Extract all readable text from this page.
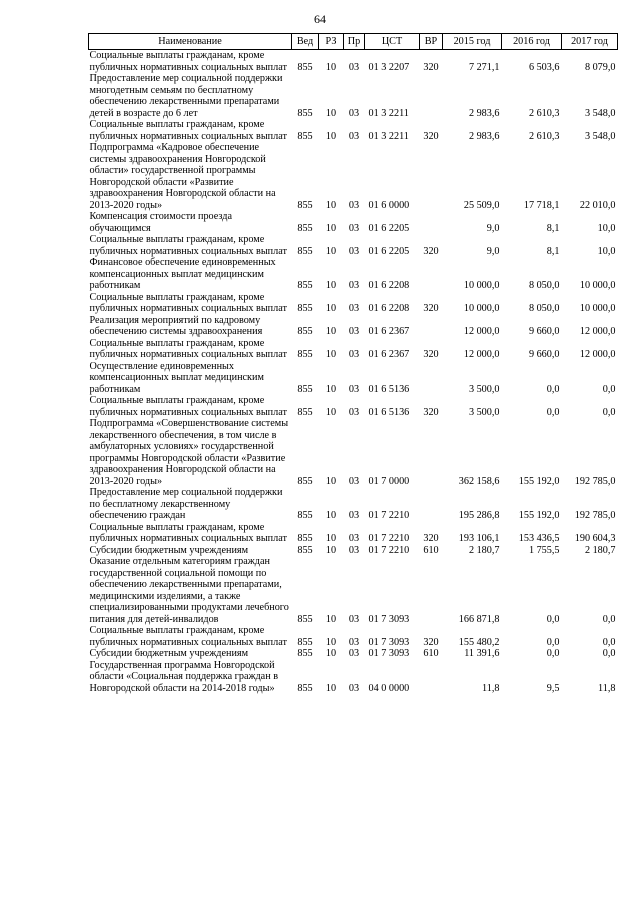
64
Наименование	Вед	РЗ	Пр	ЦСТ	ВР	2015 год	2016 год	2017 год
Социальные выплаты гражданам, кроме публичных нормативных социальных выплат	855	10	03	01 3 2207	320	7 271,1	6 503,6	8 079,0
Предоставление мер социальной поддержки многодетным семьям по бесплатному обеспечению лекарственными препаратами детей в возрасте до 6 лет	855	10	03	01 3 2211		2 983,6	2 610,3	3 548,0
Социальные выплаты гражданам, кроме публичных нормативных социальных выплат	855	10	03	01 3 2211	320	2 983,6	2 610,3	3 548,0
Подпрограмма «Кадровое обеспечение системы здравоохранения Новгородской области» государственной программы Новгородской области «Развитие здравоохранения Новгородской области на 2013-2020 годы»	855	10	03	01 6 0000		25 509,0	17 718,1	22 010,0
Компенсация стоимости проезда обучающимся	855	10	03	01 6 2205		9,0	8,1	10,0
Социальные выплаты гражданам, кроме публичных нормативных социальных выплат	855	10	03	01 6 2205	320	9,0	8,1	10,0
Финансовое обеспечение единовременных компенсационных выплат медицинским работникам	855	10	03	01 6 2208		10 000,0	8 050,0	10 000,0
Социальные выплаты гражданам, кроме публичных нормативных социальных выплат	855	10	03	01 6 2208	320	10 000,0	8 050,0	10 000,0
Реализация мероприятий по кадровому обеспечению системы здравоохранения	855	10	03	01 6 2367		12 000,0	9 660,0	12 000,0
Социальные выплаты гражданам, кроме публичных нормативных социальных выплат	855	10	03	01 6 2367	320	12 000,0	9 660,0	12 000,0
Осуществление единовременных компенсационных выплат медицинским работникам	855	10	03	01 6 5136		3 500,0	0,0	0,0
Социальные выплаты гражданам, кроме публичных нормативных социальных выплат	855	10	03	01 6 5136	320	3 500,0	0,0	0,0
Подпрограмма «Совершенствование системы лекарственного обеспечения, в том числе в амбулаторных условиях» государственной программы Новгородской области «Развитие здравоохранения Новгородской области на 2013-2020 годы»	855	10	03	01 7 0000		362 158,6	155 192,0	192 785,0
Предоставление мер социальной поддержки по бесплатному лекарственному обеспечению граждан	855	10	03	01 7 2210		195 286,8	155 192,0	192 785,0
Социальные выплаты гражданам, кроме публичных нормативных социальных выплат	855	10	03	01 7 2210	320	193 106,1	153 436,5	190 604,3
Субсидии бюджетным учреждениям	855	10	03	01 7 2210	610	2 180,7	1 755,5	2 180,7
Оказание отдельным категориям граждан государственной социальной помощи по обеспечению лекарственными препаратами, медицинскими изделиями, а также специализированными продуктами лечебного питания для детей-инвалидов	855	10	03	01 7 3093		166 871,8	0,0	0,0
Социальные выплаты гражданам, кроме публичных нормативных социальных выплат	855	10	03	01 7 3093	320	155 480,2	0,0	0,0
Субсидии бюджетным учреждениям	855	10	03	01 7 3093	610	11 391,6	0,0	0,0
Государственная программа Новгородской области «Социальная поддержка граждан в Новгородской области на 2014-2018 годы»	855	10	03	04 0 0000		11,8	9,5	11,8
